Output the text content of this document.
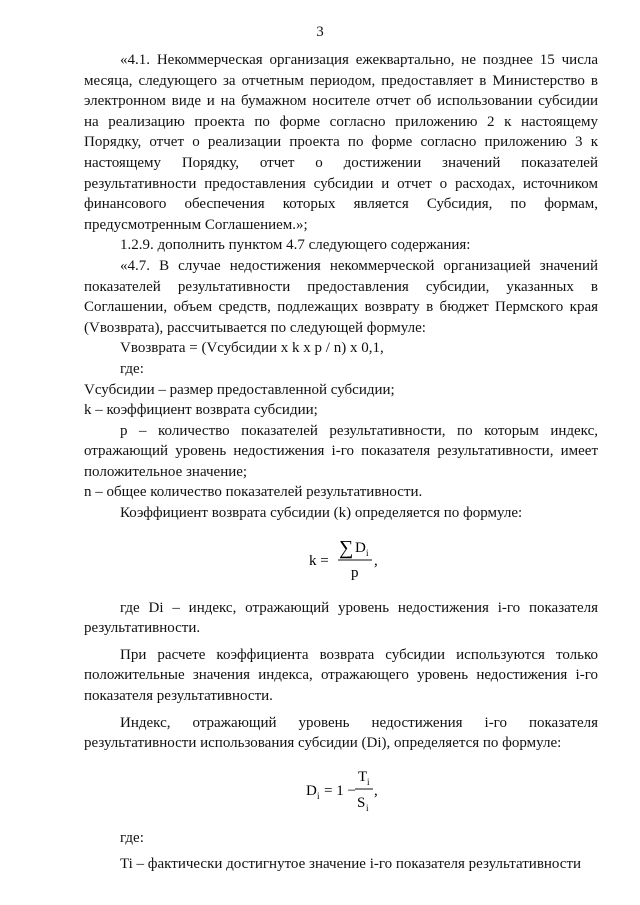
3

«4.1. Некоммерческая организация ежеквартально, не позднее 15 числа месяца, следующего за отчетным периодом, предоставляет в Министерство в электронном виде и на бумажном носителе отчет об использовании субсидии на реализацию проекта по форме согласно приложению 2 к настоящему Порядку, отчет о реализации проекта по форме согласно приложению 3 к настоящему Порядку, отчет о достижении значений показателей результативности предоставления субсидии и отчет о расходах, источником финансового обеспечения которых является Субсидия, по формам, предусмотренным Соглашением.»;

1.2.9. дополнить пунктом 4.7 следующего содержания:

«4.7. В случае недостижения некоммерческой организацией значений показателей результативности предоставления субсидии, указанных в Соглашении, объем средств, подлежащих возврату в бюджет Пермского края (Vвозврата), рассчитывается по следующей формуле:

Vвозврата = (Vсубсидии x k x p / n) x 0,1,

где:

Vсубсидии – размер предоставленной субсидии;

k – коэффициент возврата субсидии;

p – количество показателей результативности, по которым индекс, отражающий уровень недостижения i-го показателя результативности, имеет положительное значение;

n – общее количество показателей результативности.

Коэффициент возврата субсидии (k) определяется по формуле:

k =
∑ D i
p
,

где Di – индекс, отражающий уровень недостижения i-го показателя результативности.

При расчете коэффициента возврата субсидии используются только положительные значения индекса, отражающего уровень недостижения i-го показателя результативности.

Индекс, отражающий уровень недостижения i-го показателя результативности использования субсидии (Di), определяется по формуле:

D i = 1 −
T i
S i
,

где:

Ti – фактически достигнутое значение i-го показателя результативности
